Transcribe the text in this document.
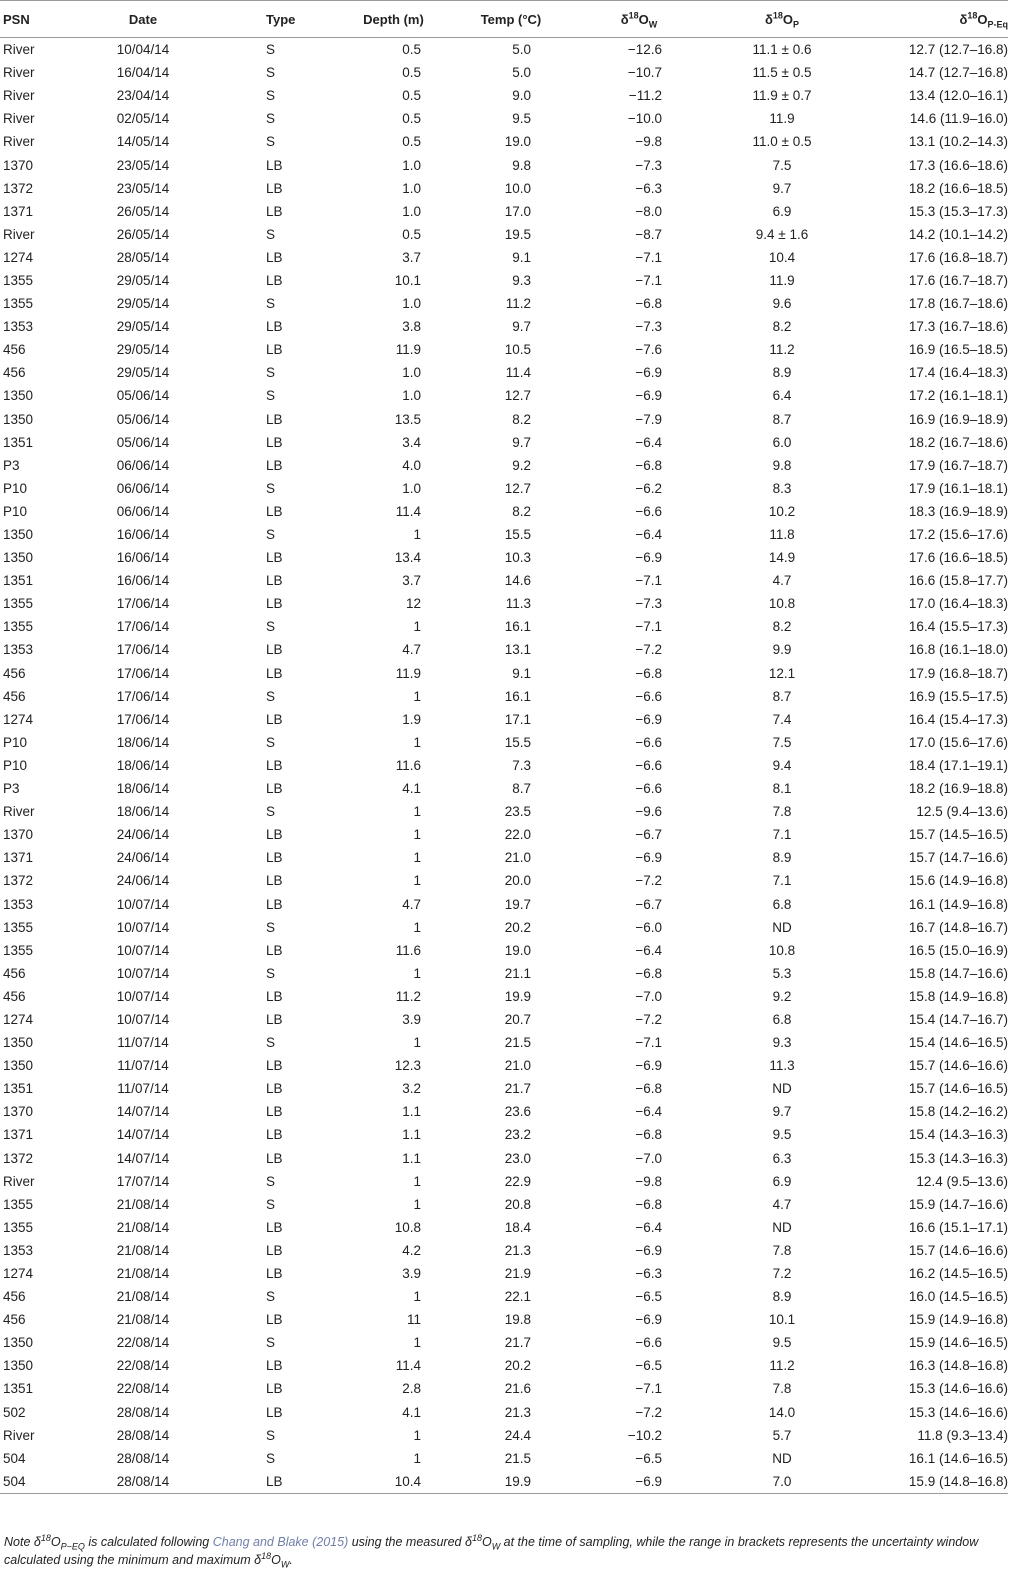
PSN	Date	Type	Depth (m)	Temp (°C)	$\delta^{18}O_W$	$\delta^{18}O_P$	$\delta^{18}O_{P-Eq}$
River	10/04/14	S	0.5	5.0	−12.6	11.1 ± 0.6	12.7 (12.7–16.8)
River	16/04/14	S	0.5	5.0	−10.7	11.5 ± 0.5	14.7 (12.7–16.8)
River	23/04/14	S	0.5	9.0	−11.2	11.9 ± 0.7	13.4 (12.0–16.1)
River	02/05/14	S	0.5	9.5	−10.0	11.9	14.6 (11.9–16.0)
River	14/05/14	S	0.5	19.0	−9.8	11.0 ± 0.5	13.1 (10.2–14.3)
1370	23/05/14	LB	1.0	9.8	−7.3	7.5	17.3 (16.6–18.6)
1372	23/05/14	LB	1.0	10.0	−6.3	9.7	18.2 (16.6–18.5)
1371	26/05/14	LB	1.0	17.0	−8.0	6.9	15.3 (15.3–17.3)
River	26/05/14	S	0.5	19.5	−8.7	9.4 ± 1.6	14.2 (10.1–14.2)
1274	28/05/14	LB	3.7	9.1	−7.1	10.4	17.6 (16.8–18.7)
1355	29/05/14	LB	10.1	9.3	−7.1	11.9	17.6 (16.7–18.7)
1355	29/05/14	S	1.0	11.2	−6.8	9.6	17.8 (16.7–18.6)
1353	29/05/14	LB	3.8	9.7	−7.3	8.2	17.3 (16.7–18.6)
456	29/05/14	LB	11.9	10.5	−7.6	11.2	16.9 (16.5–18.5)
456	29/05/14	S	1.0	11.4	−6.9	8.9	17.4 (16.4–18.3)
1350	05/06/14	S	1.0	12.7	−6.9	6.4	17.2 (16.1–18.1)
1350	05/06/14	LB	13.5	8.2	−7.9	8.7	16.9 (16.9–18.9)
1351	05/06/14	LB	3.4	9.7	−6.4	6.0	18.2 (16.7–18.6)
P3	06/06/14	LB	4.0	9.2	−6.8	9.8	17.9 (16.7–18.7)
P10	06/06/14	S	1.0	12.7	−6.2	8.3	17.9 (16.1–18.1)
P10	06/06/14	LB	11.4	8.2	−6.6	10.2	18.3 (16.9–18.9)
1350	16/06/14	S	1	15.5	−6.4	11.8	17.2 (15.6–17.6)
1350	16/06/14	LB	13.4	10.3	−6.9	14.9	17.6 (16.6–18.5)
1351	16/06/14	LB	3.7	14.6	−7.1	4.7	16.6 (15.8–17.7)
1355	17/06/14	LB	12	11.3	−7.3	10.8	17.0 (16.4–18.3)
1355	17/06/14	S	1	16.1	−7.1	8.2	16.4 (15.5–17.3)
1353	17/06/14	LB	4.7	13.1	−7.2	9.9	16.8 (16.1–18.0)
456	17/06/14	LB	11.9	9.1	−6.8	12.1	17.9 (16.8–18.7)
456	17/06/14	S	1	16.1	−6.6	8.7	16.9 (15.5–17.5)
1274	17/06/14	LB	1.9	17.1	−6.9	7.4	16.4 (15.4–17.3)
P10	18/06/14	S	1	15.5	−6.6	7.5	17.0 (15.6–17.6)
P10	18/06/14	LB	11.6	7.3	−6.6	9.4	18.4 (17.1–19.1)
P3	18/06/14	LB	4.1	8.7	−6.6	8.1	18.2 (16.9–18.8)
River	18/06/14	S	1	23.5	−9.6	7.8	12.5 (9.4–13.6)
1370	24/06/14	LB	1	22.0	−6.7	7.1	15.7 (14.5–16.5)
1371	24/06/14	LB	1	21.0	−6.9	8.9	15.7 (14.7–16.6)
1372	24/06/14	LB	1	20.0	−7.2	7.1	15.6 (14.9–16.8)
1353	10/07/14	LB	4.7	19.7	−6.7	6.8	16.1 (14.9–16.8)
1355	10/07/14	S	1	20.2	−6.0	ND	16.7 (14.8–16.7)
1355	10/07/14	LB	11.6	19.0	−6.4	10.8	16.5 (15.0–16.9)
456	10/07/14	S	1	21.1	−6.8	5.3	15.8 (14.7–16.6)
456	10/07/14	LB	11.2	19.9	−7.0	9.2	15.8 (14.9–16.8)
1274	10/07/14	LB	3.9	20.7	−7.2	6.8	15.4 (14.7–16.7)
1350	11/07/14	S	1	21.5	−7.1	9.3	15.4 (14.6–16.5)
1350	11/07/14	LB	12.3	21.0	−6.9	11.3	15.7 (14.6–16.6)
1351	11/07/14	LB	3.2	21.7	−6.8	ND	15.7 (14.6–16.5)
1370	14/07/14	LB	1.1	23.6	−6.4	9.7	15.8 (14.2–16.2)
1371	14/07/14	LB	1.1	23.2	−6.8	9.5	15.4 (14.3–16.3)
1372	14/07/14	LB	1.1	23.0	−7.0	6.3	15.3 (14.3–16.3)
River	17/07/14	S	1	22.9	−9.8	6.9	12.4 (9.5–13.6)
1355	21/08/14	S	1	20.8	−6.8	4.7	15.9 (14.7–16.6)
1355	21/08/14	LB	10.8	18.4	−6.4	ND	16.6 (15.1–17.1)
1353	21/08/14	LB	4.2	21.3	−6.9	7.8	15.7 (14.6–16.6)
1274	21/08/14	LB	3.9	21.9	−6.3	7.2	16.2 (14.5–16.5)
456	21/08/14	S	1	22.1	−6.5	8.9	16.0 (14.5–16.5)
456	21/08/14	LB	11	19.8	−6.9	10.1	15.9 (14.9–16.8)
1350	22/08/14	S	1	21.7	−6.6	9.5	15.9 (14.6–16.5)
1350	22/08/14	LB	11.4	20.2	−6.5	11.2	16.3 (14.8–16.8)
1351	22/08/14	LB	2.8	21.6	−7.1	7.8	15.3 (14.6–16.6)
502	28/08/14	LB	4.1	21.3	−7.2	14.0	15.3 (14.6–16.6)
River	28/08/14	S	1	24.4	−10.2	5.7	11.8 (9.3–13.4)
504	28/08/14	S	1	21.5	−6.5	ND	16.1 (14.6–16.5)
504	28/08/14	LB	10.4	19.9	−6.9	7.0	15.9 (14.8–16.8)
Note $\delta^{18}O_{P-EQ}$ is calculated following Chang and Blake (2015) using the measured $\delta^{18}O_W$ at the time of sampling, while the range in brackets represents the uncertainty window calculated using the minimum and maximum $\delta^{18}O_W$.
